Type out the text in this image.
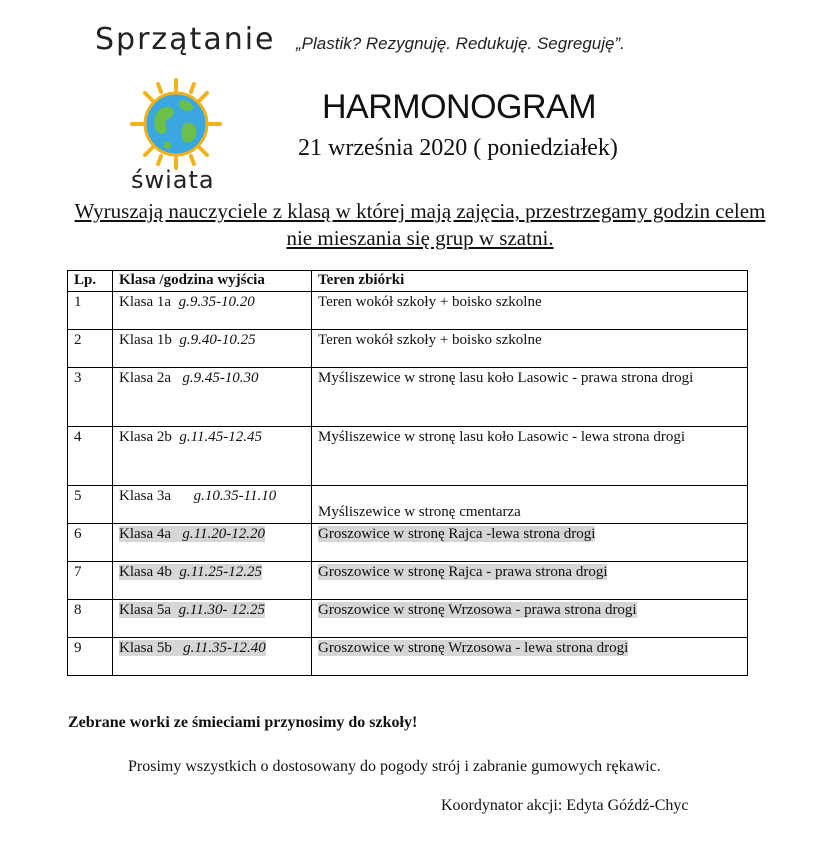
Sprzątanie
świata
„Plastik? Rezygnuję. Redukuję. Segreguję”.
HARMONOGRAM
21 września 2020 ( poniedziałek)
Wyruszają nauczyciele z klasą w której mają zajęcia, przestrzegamy godzin celem nie mieszania się grup w szatni.
Lp.	Klasa /godzina wyjścia	Teren zbiórki
1	Klasa 1a g.9.35-10.20	Teren wokół szkoły + boisko szkolne
2	Klasa 1b g.9.40-10.25	Teren wokół szkoły + boisko szkolne
3	Klasa 2a g.9.45-10.30	Myśliszewice w stronę lasu koło Lasowic - prawa strona drogi
4	Klasa 2b g.11.45-12.45	Myśliszewice w stronę lasu koło Lasowic - lewa strona drogi
5	Klasa 3a g.10.35-11.10	Myśliszewice w stronę cmentarza
6	Klasa 4a g.11.20-12.20	Groszowice w stronę Rajca -lewa strona drogi
7	Klasa 4b g.11.25-12.25	Groszowice w stronę Rajca - prawa strona drogi
8	Klasa 5a g.11.30- 12.25	Groszowice w stronę Wrzosowa - prawa strona drogi
9	Klasa 5b g.11.35-12.40	Groszowice w stronę Wrzosowa - lewa strona drogi
Zebrane worki ze śmieciami przynosimy do szkoły!
Prosimy wszystkich o dostosowany do pogody strój i zabranie gumowych rękawic.
Koordynator akcji: Edyta Góźdź-Chyc
